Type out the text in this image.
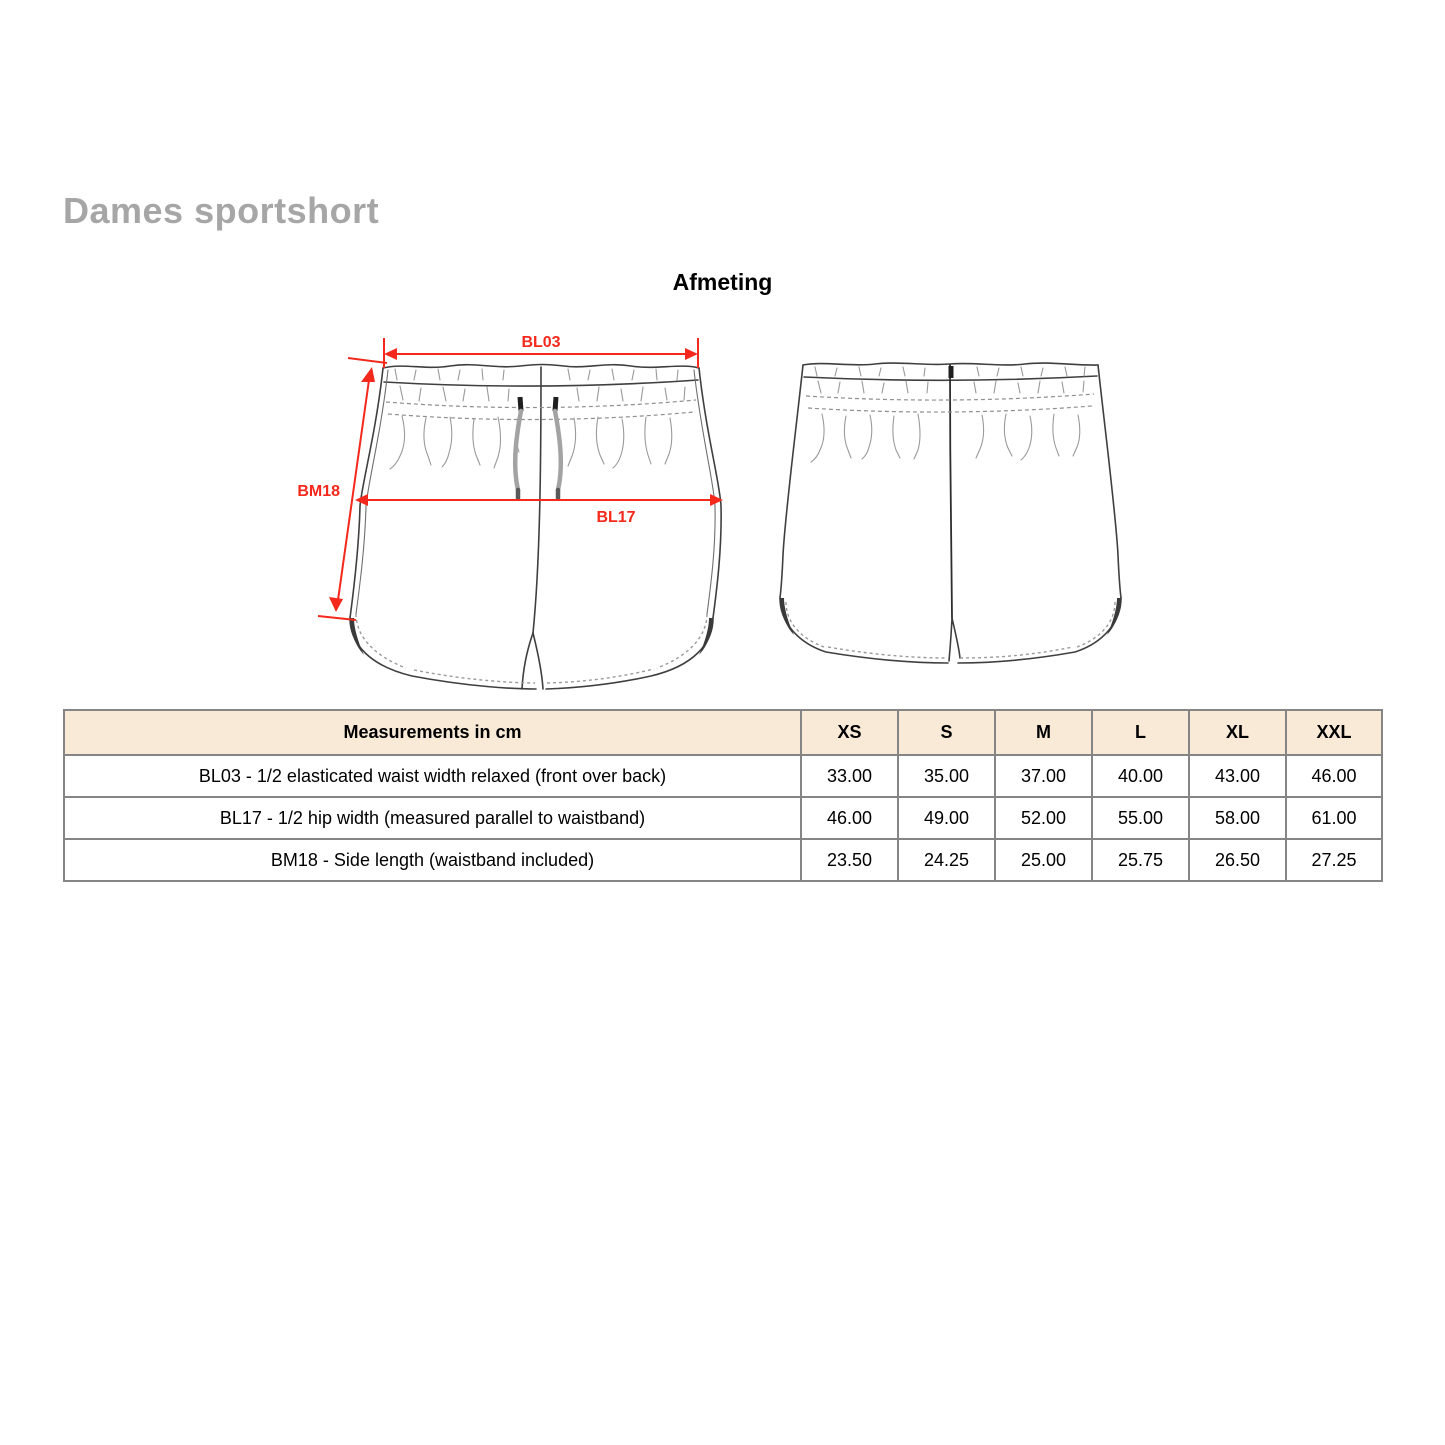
Dames sportshort
Afmeting
BL03
BM18
BL17
Measurements in cm	XS	S	M	L	XL	XXL
BL03 - 1/2 elasticated waist width relaxed (front over back)	33.00	35.00	37.00	40.00	43.00	46.00
BL17 - 1/2 hip width (measured parallel to waistband)	46.00	49.00	52.00	55.00	58.00	61.00
BM18 - Side length (waistband included)	23.50	24.25	25.00	25.75	26.50	27.25
